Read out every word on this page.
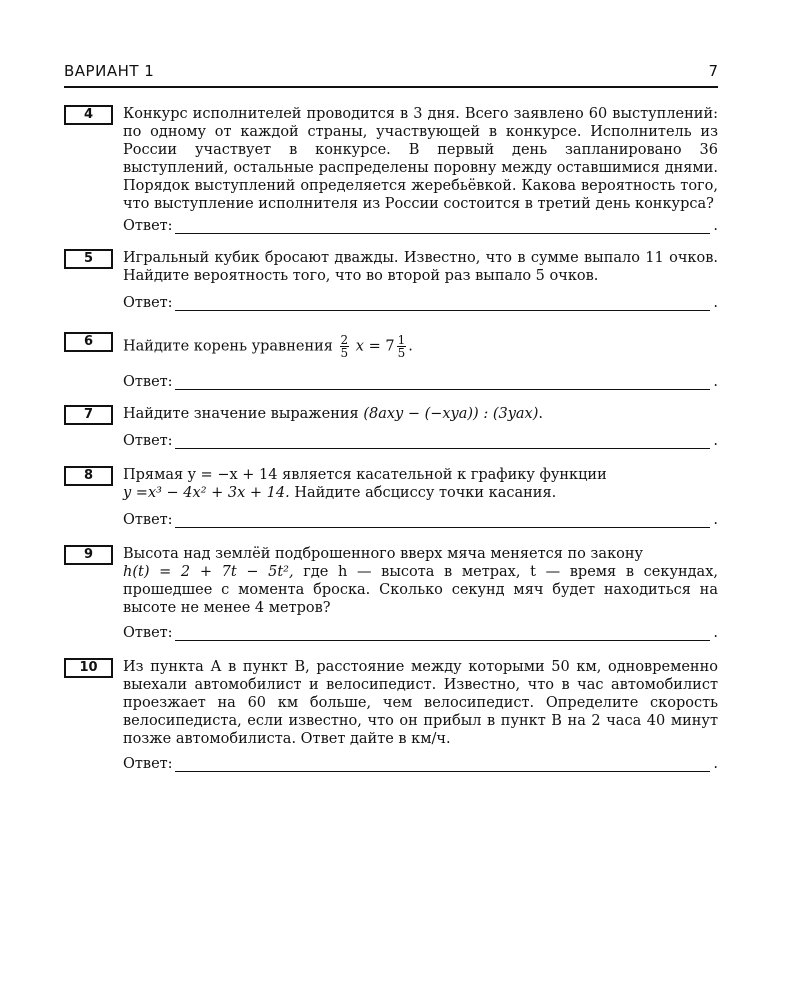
ВАРИАНТ 1	7
4	Конкурс исполнителей проводится в 3 дня. Всего заявлено 60 выступлений: по одному от каждой страны, участвующей в конкурсе. Исполнитель из России участвует в конкурсе. В первый день запланировано 36 выступлений, остальные распределены поровну между оставшимися днями. Порядок выступлений определяется жеребьёвкой. Какова вероятность того, что выступление исполнителя из России состоится в третий день конкурса?
Ответ:	.
5	Игральный кубик бросают дважды. Известно, что в сумме выпало 11 очков. Найдите вероятность того, что во второй раз выпало 5 очков.
Ответ:	.
6	Найдите корень уравнения $\frac{2}{5}$ $x = 7 \frac{1}{5}$ .
Ответ:	.
7	Найдите значение выражения (8axy − (−xya)) : (3yax).
Ответ:	.
8	Прямая y = −x + 14 является касательной к графику функции
y =x³ − 4x² + 3x + 14. Найдите абсциссу точки касания.
Ответ:	.
9	Высота над землёй подброшенного вверх мяча меняется по закону
h(t) = 2 + 7t − 5t², где h — высота в метрах, t — время в секундах, прошедшее с момента броска. Сколько секунд мяч будет находиться на высоте не менее 4 метров?
Ответ:	.
10	Из пункта А в пункт В, расстояние между которыми 50 км, одновременно выехали автомобилист и велосипедист. Известно, что в час автомобилист проезжает на 60 км больше, чем велосипедист. Определите скорость велосипедиста, если известно, что он прибыл в пункт В на 2 часа 40 минут позже автомобилиста. Ответ дайте в км/ч.
Ответ:	.
